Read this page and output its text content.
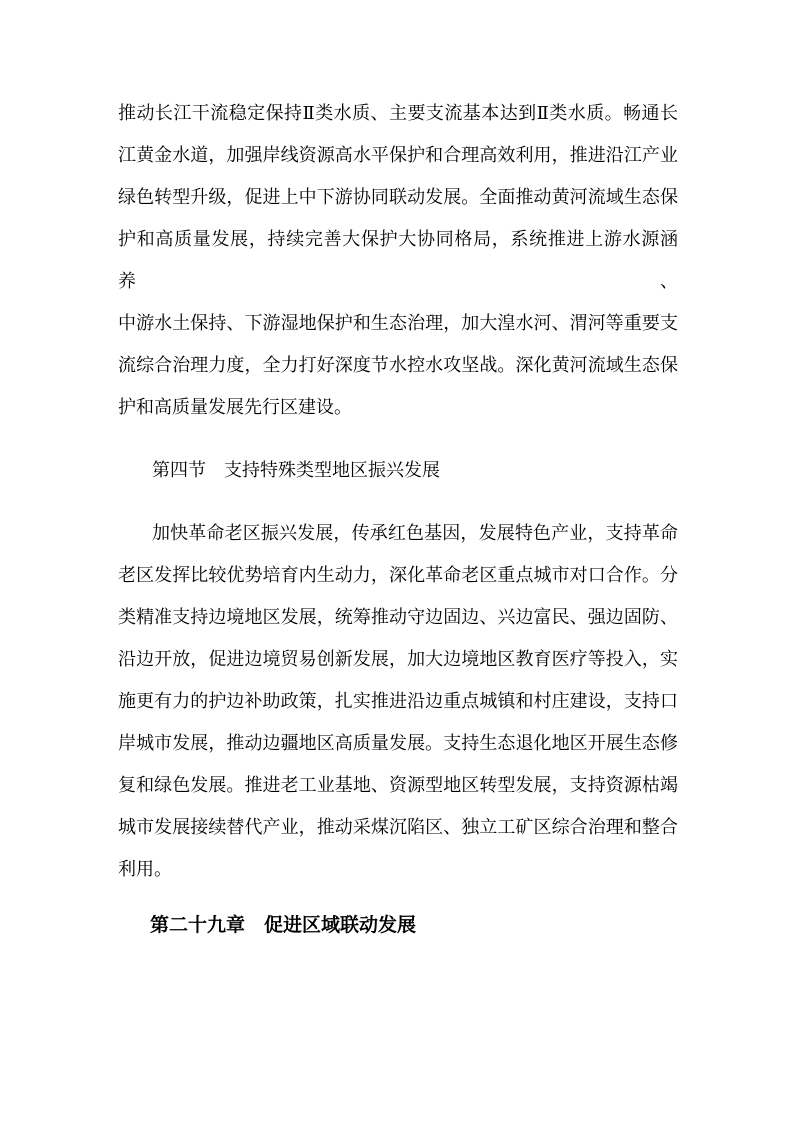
推动长江干流稳定保持Ⅱ类水质、主要支流基本达到Ⅱ类水质。畅通长
江黄金水道，加强岸线资源高水平保护和合理高效利用，推进沿江产业
绿色转型升级，促进上中下游协同联动发展。全面推动黄河流域生态保
护和高质量发展，持续完善大保护大协同格局，系统推进上游水源涵养、
中游水土保持、下游湿地保护和生态治理，加大湟水河、渭河等重要支
流综合治理力度，全力打好深度节水控水攻坚战。深化黄河流域生态保
护和高质量发展先行区建设。
第四节　支持特殊类型地区振兴发展
加快革命老区振兴发展，传承红色基因，发展特色产业，支持革命
老区发挥比较优势培育内生动力，深化革命老区重点城市对口合作。分
类精准支持边境地区发展，统筹推动守边固边、兴边富民、强边固防、
沿边开放，促进边境贸易创新发展，加大边境地区教育医疗等投入，实
施更有力的护边补助政策，扎实推进沿边重点城镇和村庄建设，支持口
岸城市发展，推动边疆地区高质量发展。支持生态退化地区开展生态修
复和绿色发展。推进老工业基地、资源型地区转型发展，支持资源枯竭
城市发展接续替代产业，推动采煤沉陷区、独立工矿区综合治理和整合
利用。
第二十九章　促进区域联动发展
